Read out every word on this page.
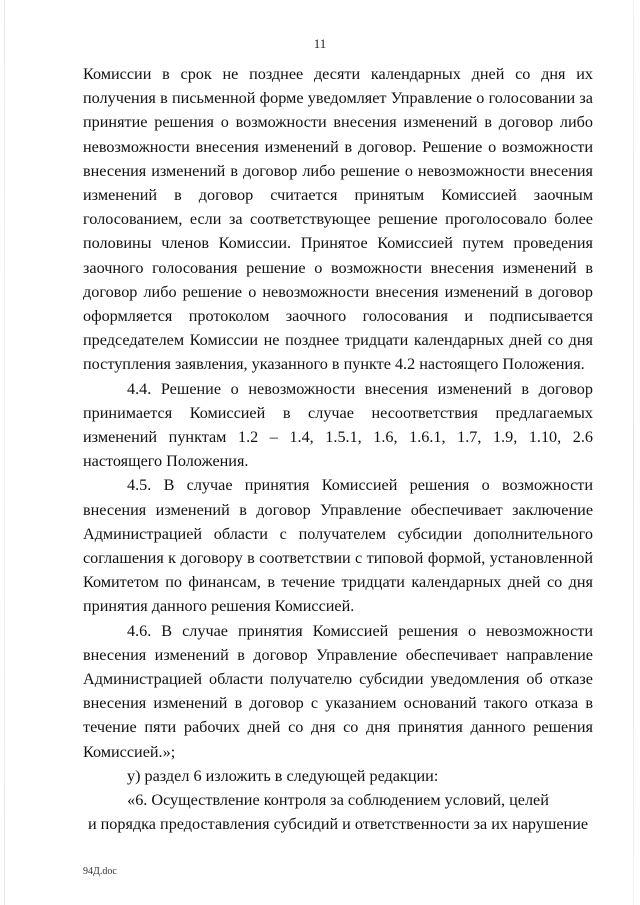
11

Комиссии в срок не позднее десяти календарных дней со дня их получения в письменной форме уведомляет Управление о голосовании за принятие решения о возможности внесения изменений в договор либо невозможности внесения изменений в договор. Решение о возможности внесения изменений в договор либо решение о невозможности внесения изменений в договор считается принятым Комиссией заочным голосованием, если за соответствующее решение проголосовало более половины членов Комиссии. Принятое Комиссией путем проведения заочного голосования решение о возможности внесения изменений в договор либо решение о невозможности внесения изменений в договор оформляется протоколом заочного голосования и подписывается председателем Комиссии не позднее тридцати календарных дней со дня поступления заявления, указанного в пункте 4.2 настоящего Положения.

4.4. Решение о невозможности внесения изменений в договор принимается Комиссией в случае несоответствия предлагаемых изменений пунктам 1.2 – 1.4, 1.5.1, 1.6, 1.6.1, 1.7, 1.9, 1.10, 2.6 настоящего Положения.

4.5. В случае принятия Комиссией решения о возможности внесения изменений в договор Управление обеспечивает заключение Администрацией области с получателем субсидии дополнительного соглашения к договору в соответствии с типовой формой, установленной Комитетом по финансам, в течение тридцати календарных дней со дня принятия данного решения Комиссией.

4.6. В случае принятия Комиссией решения о невозможности внесения изменений в договор Управление обеспечивает направление Администрацией области получателю субсидии уведомления об отказе внесения изменений в договор с указанием оснований такого отказа в течение пяти рабочих дней со дня со дня принятия данного решения Комиссией.»;

у) раздел 6 изложить в следующей редакции:

«6. Осуществление контроля за соблюдением условий, целей

и порядка предоставления субсидий и ответственности за их нарушение

94Д.doc
